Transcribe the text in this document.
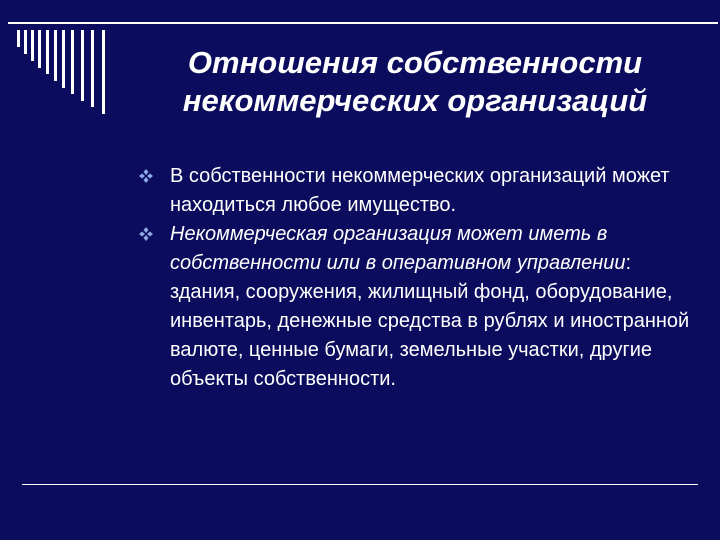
Отношения собственности
некоммерческих организаций
В собственности некоммерческих организаций может находиться любое имущество.
Некоммерческая организация может иметь в собственности или в оперативном управлении: здания, сооружения, жилищный фонд, оборудование, инвентарь, денежные средства в рублях и иностранной валюте, ценные бумаги, земельные участки, другие объекты собственности.
